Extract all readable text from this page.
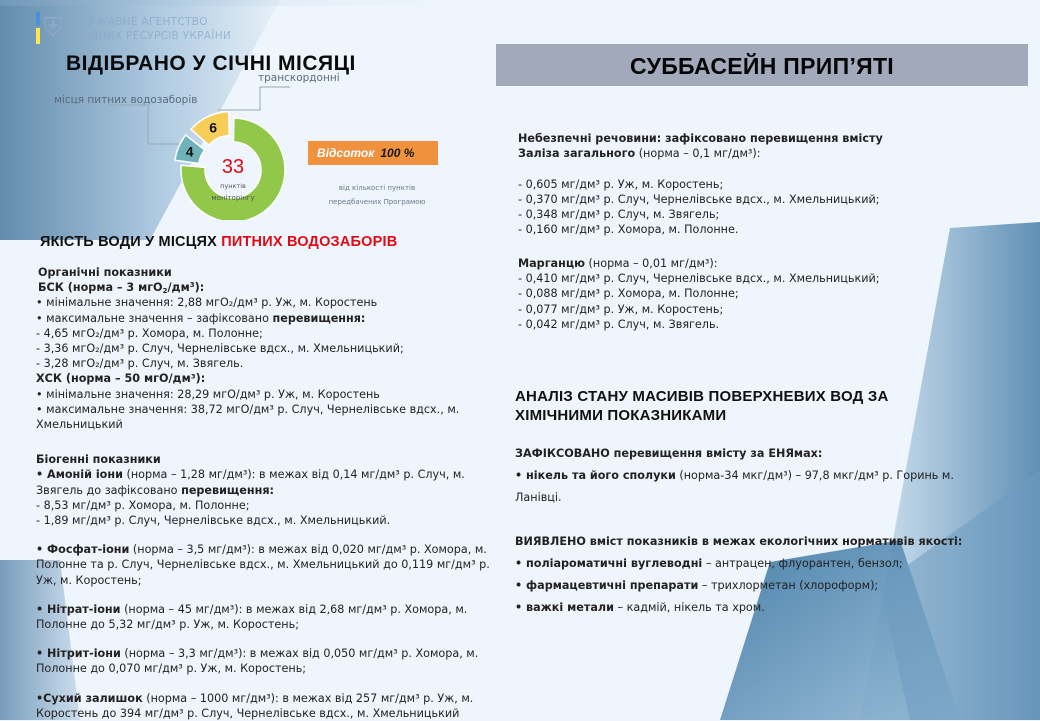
⛨	ДЕРЖАВНЕ АГЕНТСТВО
ВОДНИХ РЕСУРСІВ УКРАЇНИ
ВІДІБРАНО У СІЧНІ МІСЯЦІ	СУББАСЕЙН ПРИП’ЯТІ
4
6
33
пунктів
моніторінгу
місця питних водозаборів
транскордонні
Відсоток 100 %
від кількості пунктів
передбачених Програмою
ЯКІСТЬ ВОДИ У МІСЦЯХ ПИТНИХ ВОДОЗАБОРІВ

Органічні показники

БСК (норма – 3 $мгО_2/дм^3$):

• мінімальне значення: 2,88 мгО₂/дм³ р. Уж, м. Коростень

• максимальне значення – зафіксовано перевищення:

- 4,65 мгО₂/дм³ р. Хомора, м. Полонне;

- 3,36 мгО₂/дм³ р. Случ, Чернелівське вдсх., м. Хмельницький;

- 3,28 мгО₂/дм³ р. Случ, м. Звягель.

ХСК (норма – 50 мгО/дм³):

• мінімальне значення: 28,29 мгО/дм³ р. Уж, м. Коростень

• максимальне значення: 38,72 мгО/дм³ р. Случ, Чернелівське вдсх., м. Хмельницький

Біогенні показники

• Амоній іони (норма – 1,28 мг/дм³): в межах від 0,14 мг/дм³ р. Случ, м. Звягель до зафіксовано перевищення:

- 8,53 мг/дм³ р. Хомора, м. Полонне;

- 1,89 мг/дм³ р. Случ, Чернелівське вдсх., м. Хмельницький.

• Фосфат-іони (норма – 3,5 мг/дм³): в межах від 0,020 мг/дм³ р. Хомора, м. Полонне та р. Случ, Чернелівське вдсх., м. Хмельницький до 0,119 мг/дм³ р. Уж, м. Коростень;

• Нітрат-іони (норма – 45 мг/дм³): в межах від 2,68 мг/дм³ р. Хомора, м. Полонне до 5,32 мг/дм³ р. Уж, м. Коростень;

• Нітрит-іони (норма – 3,3 мг/дм³): в межах від 0,050 мг/дм³ р. Хомора, м. Полонне до 0,070 мг/дм³ р. Уж, м. Коростень;

•Сухий залишок (норма – 1000 мг/дм³): в межах від 257 мг/дм³ р. Уж, м. Коростень до 394 мг/дм³ р. Случ, Чернелівське вдсх., м. Хмельницький

Небезпечні речовини: зафіксовано перевищення вмісту

Заліза загального (норма – 0,1 мг/дм³):

- 0,605 мг/дм³ р. Уж, м. Коростень;

- 0,370 мг/дм³ р. Случ, Чернелівське вдсх., м. Хмельницький;

- 0,348 мг/дм³ р. Случ, м. Звягель;

- 0,160 мг/дм³ р. Хомора, м. Полонне.

Марганцю (норма – 0,01 мг/дм³):

- 0,410 мг/дм³ р. Случ, Чернелівське вдсх., м. Хмельницький;

- 0,088 мг/дм³ р. Хомора, м. Полонне;

- 0,077 мг/дм³ р. Уж, м. Коростень;

- 0,042 мг/дм³ р. Случ, м. Звягель.

АНАЛІЗ СТАНУ МАСИВІВ ПОВЕРХНЕВИХ ВОД ЗА
ХІМІЧНИМИ ПОКАЗНИКАМИ

ЗАФІКСОВАНО перевищення вмісту за ЕНЯмах:

• нікель та його сполуки (норма-34 мкг/дм³) – 97,8 мкг/дм³ р. Горинь м. Ланівці.

ВИЯВЛЕНО вміст показників в межах екологічних нормативів якості:

• поліароматичні вуглеводні – антрацен, флуорантен, бензол;

• фармацевтичні препарати – трихлорметан (хлороформ);

• важкі метали – кадмій, нікель та хром.
